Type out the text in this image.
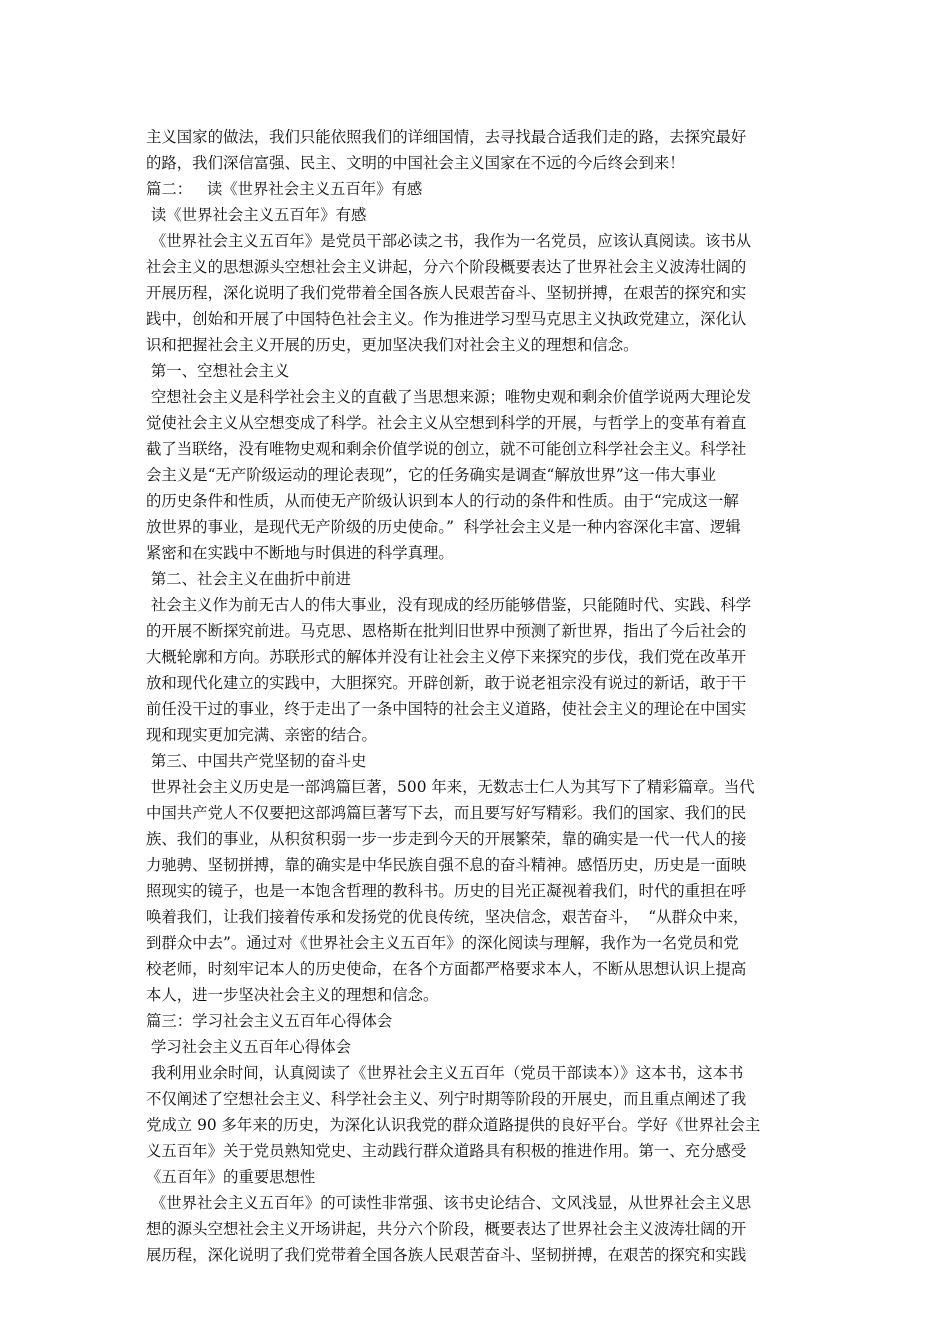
主义国家的做法，我们只能依照我们的详细国情，去寻找最合适我们走的路，去探究最好
的路，我们深信富强、民主、文明的中国社会主义国家在不远的今后终会到来！
篇二：   读《世界社会主义五百年》有感
读《世界社会主义五百年》有感
《世界社会主义五百年》是党员干部必读之书，我作为一名党员，应该认真阅读。该书从
社会主义的思想源头空想社会主义讲起，分六个阶段概要表达了世界社会主义波涛壮阔的
开展历程，深化说明了我们党带着全国各族人民艰苦奋斗、坚韧拼搏，在艰苦的探究和实
践中，创始和开展了中国特色社会主义。作为推进学习型马克思主义执政党建立，深化认
识和把握社会主义开展的历史，更加坚决我们对社会主义的理想和信念。
第一、空想社会主义
空想社会主义是科学社会主义的直截了当思想来源；唯物史观和剩余价值学说两大理论发
觉使社会主义从空想变成了科学。社会主义从空想到科学的开展，与哲学上的变革有着直
截了当联络，没有唯物史观和剩余价值学说的创立，就不可能创立科学社会主义。科学社
会主义是“无产阶级运动的理论表现”，它的任务确实是调查“解放世界”这一伟大事业
的历史条件和性质，从而使无产阶级认识到本人的行动的条件和性质。由于“完成这一解
放世界的事业，是现代无产阶级的历史使命。”  科学社会主义是一种内容深化丰富、逻辑
紧密和在实践中不断地与时俱进的科学真理。
第二、社会主义在曲折中前进
社会主义作为前无古人的伟大事业，没有现成的经历能够借鉴，只能随时代、实践、科学
的开展不断探究前进。马克思、恩格斯在批判旧世界中预测了新世界，指出了今后社会的
大概轮廓和方向。苏联形式的解体并没有让社会主义停下来探究的步伐，我们党在改革开
放和现代化建立的实践中，大胆探究。开辟创新，敢于说老祖宗没有说过的新话，敢于干
前任没干过的事业，终于走出了一条中国特的社会主义道路，使社会主义的理论在中国实
现和现实更加完满、亲密的结合。
第三、中国共产党坚韧的奋斗史
世界社会主义历史是一部鸿篇巨著，500 年来，无数志士仁人为其写下了精彩篇章。当代
中国共产党人不仅要把这部鸿篇巨著写下去，而且要写好写精彩。我们的国家、我们的民
族、我们的事业，从积贫积弱一步一步走到今天的开展繁荣，靠的确实是一代一代人的接
力驰骋、坚韧拼搏，靠的确实是中华民族自强不息的奋斗精神。感悟历史，历史是一面映
照现实的镜子，也是一本饱含哲理的教科书。历史的目光正凝视着我们，时代的重担在呼
唤着我们，让我们接着传承和发扬党的优良传统，坚决信念，艰苦奋斗，  “从群众中来，
到群众中去”。通过对《世界社会主义五百年》的深化阅读与理解，我作为一名党员和党
校老师，时刻牢记本人的历史使命，在各个方面都严格要求本人，不断从思想认识上提高
本人，进一步坚决社会主义的理想和信念。
篇三：学习社会主义五百年心得体会
学习社会主义五百年心得体会
我利用业余时间，认真阅读了《世界社会主义五百年（党员干部读本）》这本书，这本书
不仅阐述了空想社会主义、科学社会主义、列宁时期等阶段的开展史，而且重点阐述了我
党成立 90 多年来的历史，为深化认识我党的群众道路提供的良好平台。学好《世界社会主
义五百年》关于党员熟知党史、主动践行群众道路具有积极的推进作用。第一、充分感受
《五百年》的重要思想性
《世界社会主义五百年》的可读性非常强、该书史论结合、文风浅显，从世界社会主义思
想的源头空想社会主义开场讲起，共分六个阶段，概要表达了世界社会主义波涛壮阔的开
展历程，深化说明了我们党带着全国各族人民艰苦奋斗、坚韧拼搏，在艰苦的探究和实践
